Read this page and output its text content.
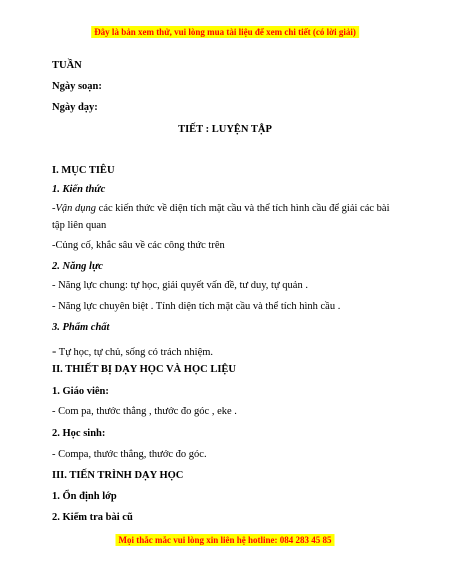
Đây là bản xem thử, vui lòng mua tài liệu để xem chi tiết (có lời giải)
TUẦN
Ngày soạn:
Ngày dạy:
TIẾT : LUYỆN TẬP
I. MỤC TIÊU
1. Kiến thức
-Vận dụng các kiến thức về diện tích mặt cầu và thể tích hình cầu để giải các bài
tập liên quan
-Củng cố, khắc sâu về các công thức trên
2. Năng lực
- Năng lực chung: tự học, giải quyết vấn đề, tư duy, tự quản .
- Năng lực chuyên biệt . Tính diện tích mặt cầu và thể tích hình cầu .
3. Phẩm chất
- Tự học, tự chủ, sống có trách nhiệm.
II. THIẾT BỊ DẠY HỌC VÀ HỌC LIỆU
1. Giáo viên:
- Com pa, thước thẳng , thước đo góc , eke .
2. Học sinh:
- Compa, thước thẳng, thước đo góc.
III. TIẾN TRÌNH DẠY HỌC
1. Ổn định lớp
2. Kiểm tra bài cũ
Mọi thắc mắc vui lòng xin liên hệ hotline: 084 283 45 85
